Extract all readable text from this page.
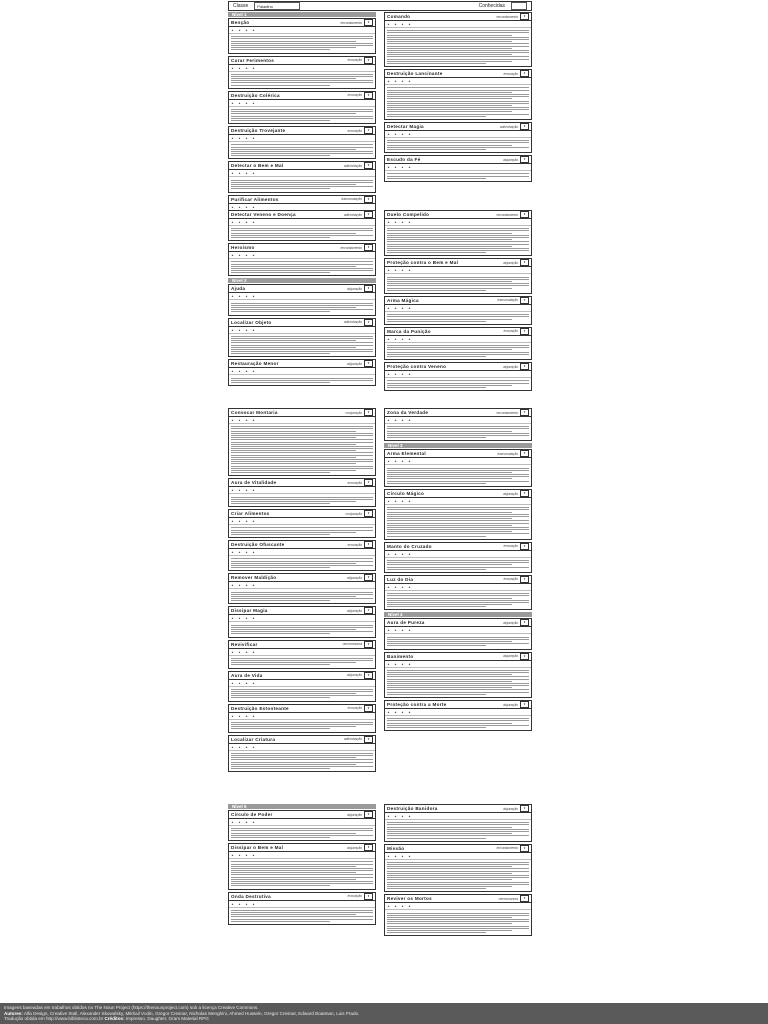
Classe	Paladino	Conhecidas
Nível 1
Benção	encantamento	▾
▲
▲
▲
▲
Curar Ferimentos	evocação	▾
▲
▲
▲
▲
Destruição Colérica	evocação	▾
▲
▲
▲
▲
Destruição Trovejante	evocação	▾
▲
▲
▲
▲
Detectar o Bem e Mal	adivinhação	▾
▲
▲
▲
▲
Purificar Alimentos	transmutação	▾
▲
▲
▲
▲
Comando	encantamento	▾
▲
▲
▲
▲
Destruição Lancinante	evocação	▾
▲
▲
▲
▲
Detectar Magia	adivinhação	▾
▲
▲
▲
▲
Escudo da Fé	abjuração	▾
▲
▲
▲
▲
Detectar Veneno e Doença	adivinhação	▾
▲
▲
▲
▲
Heroísmo	encantamento	▾
▲
▲
▲
▲
Nível 2
Ajuda	abjuração	▾
▲
▲
▲
▲
Localizar Objeto	adivinhação	▾
▲
▲
▲
▲
Restauração Menor	abjuração	▾
▲
▲
▲
▲
Duelo Compelido	encantamento	▾
▲
▲
▲
▲
Proteção contra o Bem e Mal	abjuração	▾
▲
▲
▲
▲
Arma Mágica	transmutação	▾
▲
▲
▲
▲
Marca da Punição	evocação	▾
▲
▲
▲
▲
Proteção contra Veneno	abjuração	▾
▲
▲
▲
▲
Convocar Montaria	conjuração	▾
▲
▲
▲
▲
Aura de Vitalidade	evocação	▾
▲
▲
▲
▲
Criar Alimentos	conjuração	▾
▲
▲
▲
▲
Destruição Ofuscante	evocação	▾
▲
▲
▲
▲
Remover Maldição	abjuração	▾
▲
▲
▲
▲
Dissipar Magia	abjuração	▾
▲
▲
▲
▲
Revivificar	necromancia	▾
▲
▲
▲
▲
Aura de Vida	abjuração	▾
▲
▲
▲
▲
Destruição Estonteante	evocação	▾
▲
▲
▲
▲
Localizar Criatura	adivinhação	▾
▲
▲
▲
▲
Zona da Verdade	encantamento	▾
▲
▲
▲
▲
Nível 3
Arma Elemental	transmutação	▾
▲
▲
▲
▲
Círculo Mágico	abjuração	▾
▲
▲
▲
▲
Manto do Cruzado	evocação	▾
▲
▲
▲
▲
Luz do Dia	evocação	▾
▲
▲
▲
▲
Nível 4
Aura de Pureza	abjuração	▾
▲
▲
▲
▲
Banimento	abjuração	▾
▲
▲
▲
▲
Proteção contra a Morte	abjuração	▾
▲
▲
▲
▲
Nível 5
Círculo de Poder	abjuração	▾
▲
▲
▲
▲
Dissipar o Bem e Mal	abjuração	▾
▲
▲
▲
▲
Onda Destrutiva	evocação	▾
▲
▲
▲
▲
Destruição Banidora	abjuração	▾
▲
▲
▲
▲
Missão	encantamento	▾
▲
▲
▲
▲
Reviver os Mortos	necromancia	▾
▲
▲
▲
▲
Imagens baseadas em trabalhos obtidos no The Noun Project (https://thenounproject.com) sob a licença Creative Commons.
Autores: Alfa Design, Creative Stall, Alexander Skowalsky, Mikhail Vcdin, Gregor Cresnar, Nicholas Menghini, Ahmed Hussein, Gregor Cresnar, Edward Boatman, Luis Prado.
Tradução obtida em http://www.biblioteca.com.br Créditos: Impresso, Daughter, Gram Material RPG
